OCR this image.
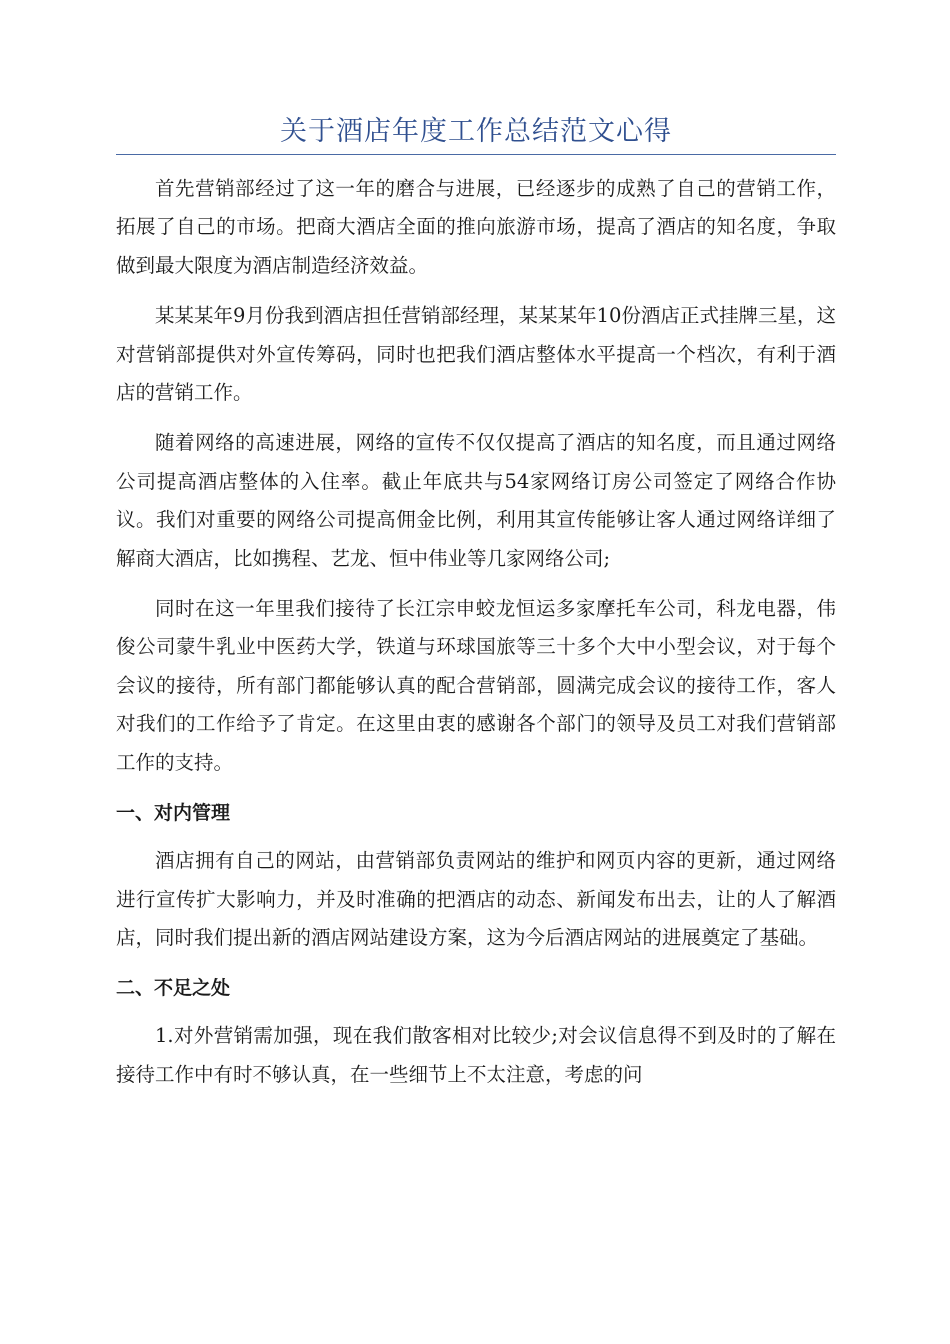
关于酒店年度工作总结范文心得

首先营销部经过了这一年的磨合与进展，已经逐步的成熟了自己的营销工作，拓展了自己的市场。把商大酒店全面的推向旅游市场，提高了酒店的知名度，争取做到最大限度为酒店制造经济效益。

某某某年9月份我到酒店担任营销部经理，某某某年10份酒店正式挂牌三星，这对营销部提供对外宣传筹码，同时也把我们酒店整体水平提高一个档次，有利于酒店的营销工作。

随着网络的高速进展，网络的宣传不仅仅提高了酒店的知名度，而且通过网络公司提高酒店整体的入住率。截止年底共与54家网络订房公司签定了网络合作协议。我们对重要的网络公司提高佣金比例，利用其宣传能够让客人通过网络详细了解商大酒店，比如携程、艺龙、恒中伟业等几家网络公司;

同时在这一年里我们接待了长江宗申蛟龙恒运多家摩托车公司，科龙电器，伟俊公司蒙牛乳业中医药大学，铁道与环球国旅等三十多个大中小型会议，对于每个会议的接待，所有部门都能够认真的配合营销部，圆满完成会议的接待工作，客人对我们的工作给予了肯定。在这里由衷的感谢各个部门的领导及员工对我们营销部工作的支持。

一、对内管理

酒店拥有自己的网站，由营销部负责网站的维护和网页内容的更新，通过网络进行宣传扩大影响力，并及时准确的把酒店的动态、新闻发布出去，让的人了解酒店，同时我们提出新的酒店网站建设方案，这为今后酒店网站的进展奠定了基础。

二、不足之处

1.对外营销需加强，现在我们散客相对比较少;对会议信息得不到及时的了解在接待工作中有时不够认真，在一些细节上不太注意，考虑的问
